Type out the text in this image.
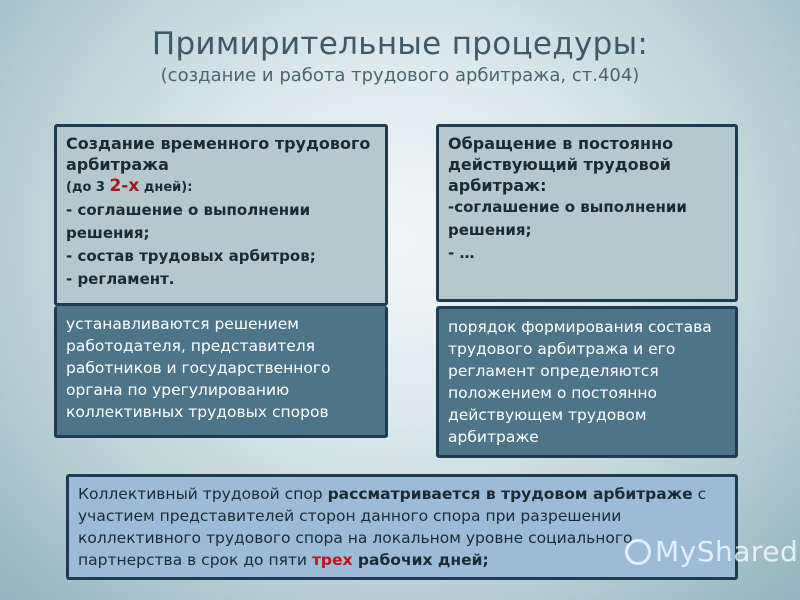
Примирительные процедуры:
(создание и работа трудового арбитража, ст.404)
Создание временного трудового арбитража
(до 3 2-х дней):
- соглашение о выполнении решения;
- состав трудовых арбитров;
- регламент.
устанавливаются решением работодателя, представителя работников и государственного органа по урегулированию коллективных трудовых споров
Обращение в постоянно действующий трудовой арбитраж:
-соглашение о выполнении решения;
- …
порядок формирования состава трудового арбитража и его регламент определяются положением о постоянно действующем трудовом арбитраже
Коллективный трудовой спор рассматривается в трудовом арбитраже с участием представителей сторон данного спора при разрешении коллективного трудового спора на локальном уровне социального партнерства в срок до пяти трех рабочих дней;	MyShared
